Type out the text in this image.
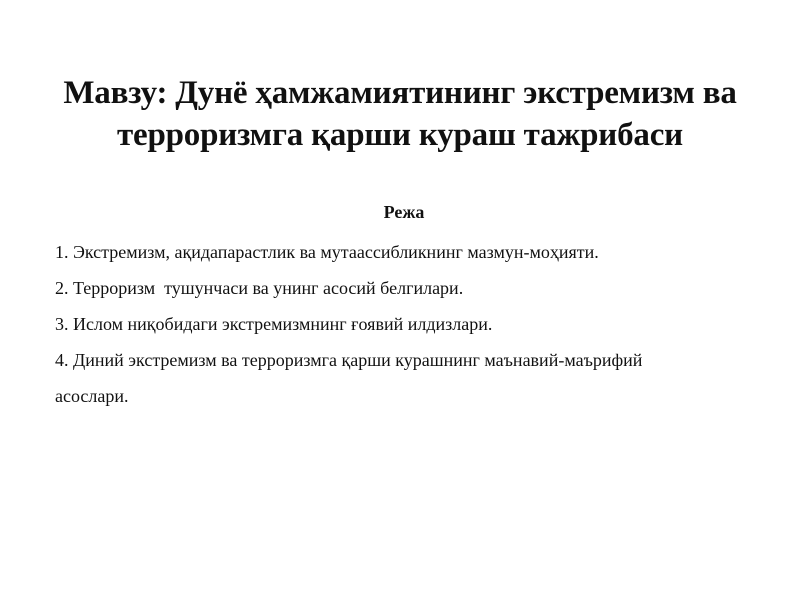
Мавзу: Дунё ҳамжамиятининг экстремизм ва
терроризмга қарши кураш тажрибаси
Режа
1. Экстремизм, ақидапарастлик ва мутаассибликнинг мазмун-моҳияти.
2. Терроризм  тушунчаси ва унинг асосий белгилари.
3. Ислом ниқобидаги экстремизмнинг ғоявий илдизлари.
4. Диний экстремизм ва терроризмга қарши курашнинг маънавий-маърифий
асослари.
